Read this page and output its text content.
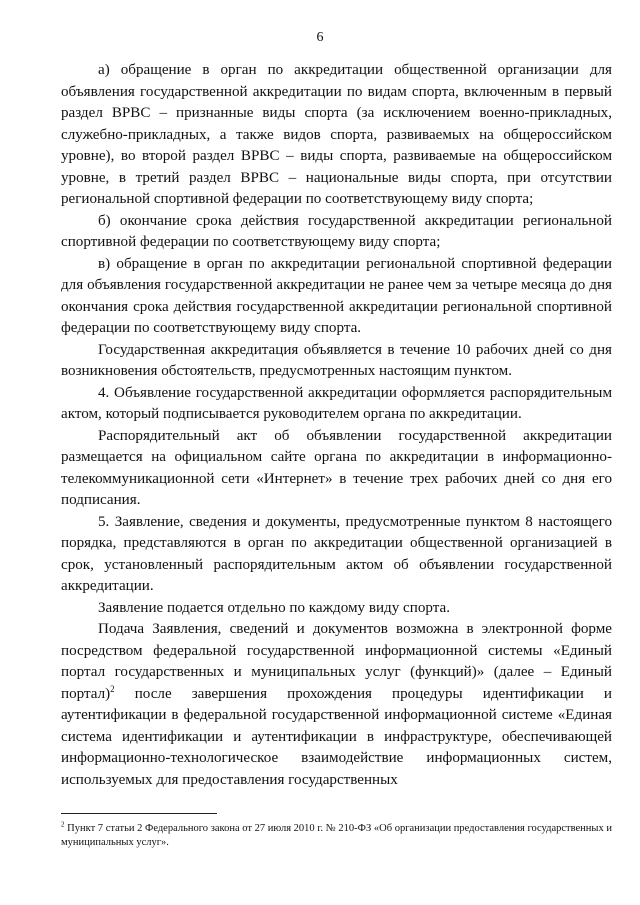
6

а) обращение в орган по аккредитации общественной организации для объявления государственной аккредитации по видам спорта, включенным в первый раздел ВРВС – признанные виды спорта (за исключением военно-прикладных, служебно-прикладных, а также видов спорта, развиваемых на общероссийском уровне), во второй раздел ВРВС – виды спорта, развиваемые на общероссийском уровне, в третий раздел ВРВС – национальные виды спорта, при отсутствии региональной спортивной федерации по соответствующему виду спорта;

б) окончание срока действия государственной аккредитации региональной спортивной федерации по соответствующему виду спорта;

в) обращение в орган по аккредитации региональной спортивной федерации для объявления государственной аккредитации не ранее чем за четыре месяца до дня окончания срока действия государственной аккредитации региональной спортивной федерации по соответствующему виду спорта.

Государственная аккредитация объявляется в течение 10 рабочих дней со дня возникновения обстоятельств, предусмотренных настоящим пунктом.

4. Объявление государственной аккредитации оформляется распорядительным актом, который подписывается руководителем органа по аккредитации.

Распорядительный акт об объявлении государственной аккредитации размещается на официальном сайте органа по аккредитации в информационно-телекоммуникационной сети «Интернет» в течение трех рабочих дней со дня его подписания.

5. Заявление, сведения и документы, предусмотренные пунктом 8 настоящего порядка, представляются в орган по аккредитации общественной организацией в срок, установленный распорядительным актом об объявлении государственной аккредитации.

Заявление подается отдельно по каждому виду спорта.

Подача Заявления, сведений и документов возможна в электронной форме посредством федеральной государственной информационной системы «Единый портал государственных и муниципальных услуг (функций)» (далее – Единый портал)$^2$ после завершения прохождения процедуры идентификации и аутентификации в федеральной государственной информационной системе «Единая система идентификации и аутентификации в инфраструктуре, обеспечивающей информационно-технологическое взаимодействие информационных систем, используемых для предоставления государственных

$^2$ Пункт 7 статьи 2 Федерального закона от 27 июля 2010 г. № 210-ФЗ «Об организации предоставления государственных и муниципальных услуг».
